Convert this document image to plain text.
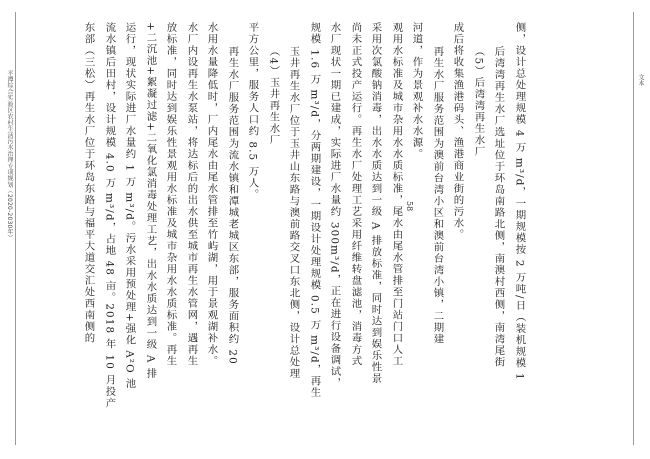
平潭综合实验区农村生活污水治理专项规划（2020-2030年）	文本
58
东部（三松）再生水厂位于环岛东路与福平大道交汇处西南侧的 流水镇后田村，设计规模 4.0 万 m³/d，占地 48 亩。2018 年 10 月投产 运行，现状实际进厂水量约 1 万 m³/d。污水采用预处理+强化 A²O 池 +二沉池+絮凝过滤+二氧化氯消毒处理工艺，出水水质达到一级 A 排 放标准，同时达到娱乐性景观用水标准及城市杂用水水质标准。再生 水厂内设再生水泵站，将达标后的出水供至城市再生水管网，遇再生 水用水量降低时，厂内尾水由尾水管排至竹屿湖，用于景观湖补水。 再生水厂服务范围为流水镇和潭城老城区东部，服务面积约 20 平方公里，服务人口约 8.5 万人。 （4）玉井再生水厂 玉井再生水厂位于玉井山东路与澳前路交叉口东北侧，设计总处理 规模 1.6 万 m³/d，分两期建设，一期设计处理规模 0.5 万 m³/d，再生 水厂现状一期已建成，实际进厂水量约 300m³/d，正在进行设备调试， 尚未正式投产运行。再生水厂处理工艺采用纤维转盘滤池，消毒方式 采用次氯酸钠消毒，出水水质达到一级 A 排放标准，同时达到娱乐性景 观用水标准及城市杂用水水质标准，尾水由尾水管排至门站门口人工 河道，作为景观补水水源。 再生水厂服务范围为澳前台湾小区和澳前台湾小镇，二期建 成后将收集渔港码头、渔港商业街的污水。 （5）后湾湾再生水厂 后湾湾再生水厂选址位于环岛南路北侧，南澳村西侧，南湾尾街 侧，设计总处理规模 4 万 m³/d，一期规模按 2 万吨/日（装机规模 1
